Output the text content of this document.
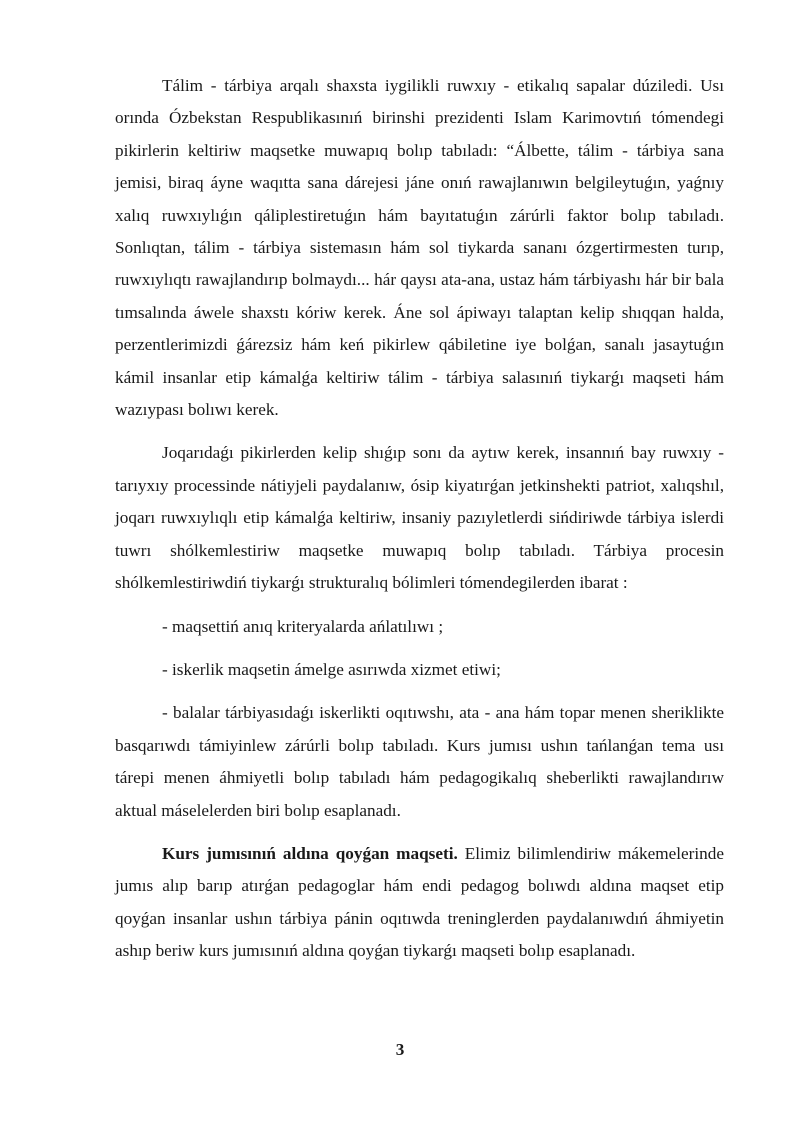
Tálim - tárbiya arqalı shaxsta iygilikli ruwxıy - etikalıq sapalar dúziledi. Usı orında Ózbekstan Respublikasınıń birinshi prezidenti Islam Karimovtıń tómendegi pikirlerin keltiriw maqsetke muwapıq bolıp tabıladı: “Álbette, tálim - tárbiya sana jemisi, biraq áyne waqıtta sana dárejesi jáne onıń rawajlanıwın belgileytuǵın, yaǵnıy xalıq ruwxıylıǵın qáliplestiretuǵın hám bayıtatuǵın zárúrli faktor bolıp tabıladı. Sonlıqtan, tálim - tárbiya sistemasın hám sol tiykarda sananı ózgertirmesten turıp, ruwxıylıqtı rawajlandırıp bolmaydı... hár qaysı ata-ana, ustaz hám tárbiyashı hár bir bala tımsalında áwele shaxstı kóriw kerek. Áne sol ápiwayı talaptan kelip shıqqan halda, perzentlerimizdi ǵárezsiz hám keń pikirlew qábiletine iye bolǵan, sanalı jasaytuǵın kámil insanlar etip kámalǵa keltiriw tálim - tárbiya salasınıń tiykarǵı maqseti hám wazıypası bolıwı kerek.

Joqarıdaǵı pikirlerden kelip shıǵıp sonı da aytıw kerek, insannıń bay ruwxıy - tarıyxıy processinde nátiyjeli paydalanıw, ósip kiyatırǵan jetkinshekti patriot, xalıqshıl, joqarı ruwxıylıqlı etip kámalǵa keltiriw, insaniy pazıyletlerdi sińdiriwde tárbiya islerdi tuwrı shólkemlestiriw maqsetke muwapıq bolıp tabıladı. Tárbiya procesin shólkemlestiriwdiń tiykarǵı strukturalıq bólimleri tómendegilerden ibarat :

- maqsettiń anıq kriteryalarda ańlatılıwı ;

- iskerlik maqsetin ámelge asırıwda xizmet etiwi;

- balalar tárbiyasıdaǵı iskerlikti oqıtıwshı, ata - ana hám topar menen sheriklikte basqarıwdı támiyinlew zárúrli bolıp tabıladı. Kurs jumısı ushın tańlanǵan tema usı tárepi menen áhmiyetli bolıp tabıladı hám pedagogikalıq sheberlikti rawajlandırıw aktual máselelerden biri bolıp esaplanadı.

Kurs jumısınıń aldına qoyǵan maqseti. Elimiz bilimlendiriw mákemelerinde jumıs alıp barıp atırǵan pedagoglar hám endi pedagog bolıwdı aldına maqset etip qoyǵan insanlar ushın tárbiya pánin oqıtıwda treninglerden paydalanıwdıń áhmiyetin ashıp beriw kurs jumısınıń aldına qoyǵan tiykarǵı maqseti bolıp esaplanadı.

3
